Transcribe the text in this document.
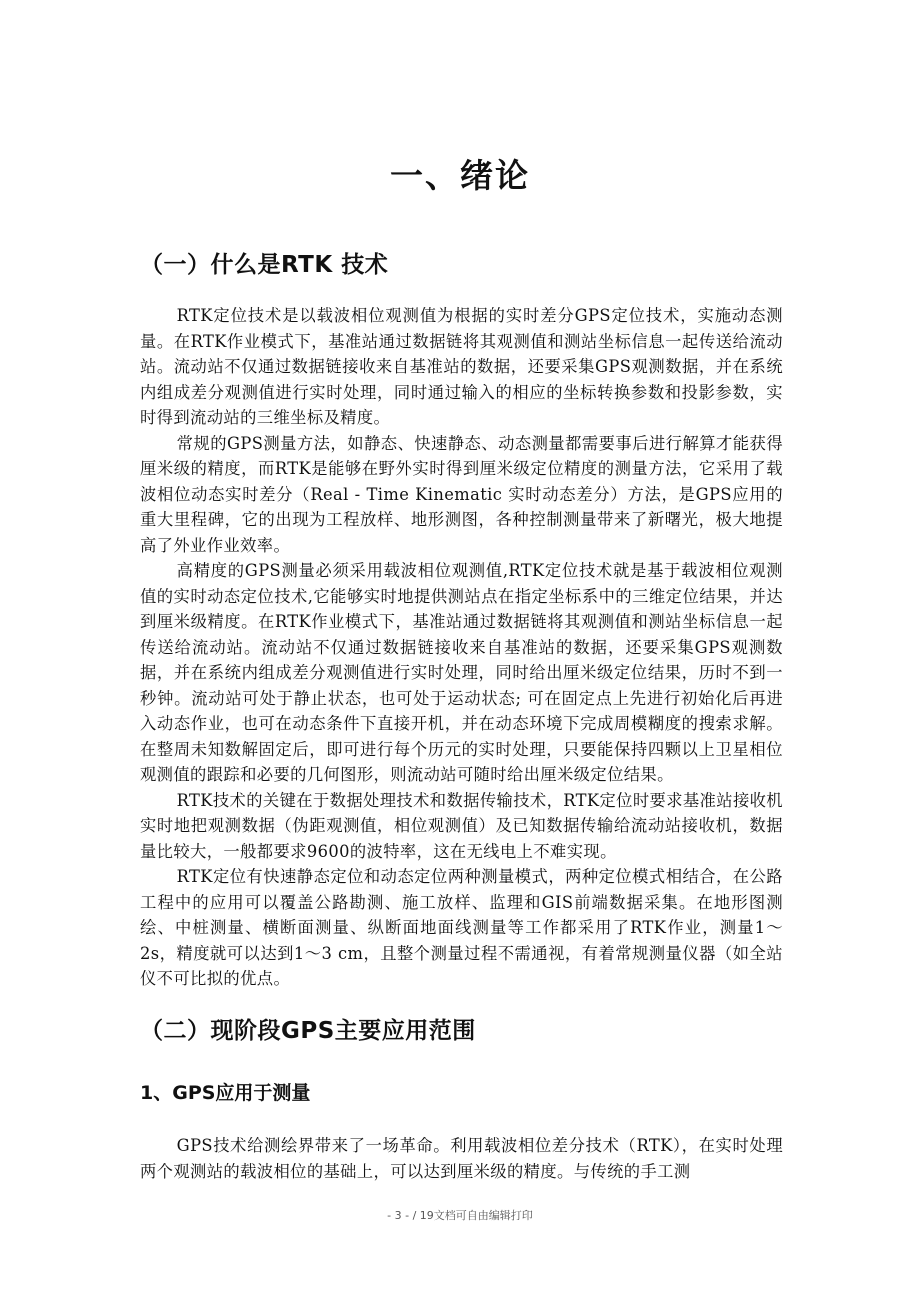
一、绪论
（一）什么是RTK 技术

RTK定位技术是以载波相位观测值为根据的实时差分GPS定位技术，实施动态测量。在RTK作业模式下，基准站通过数据链将其观测值和测站坐标信息一起传送给流动站。流动站不仅通过数据链接收来自基准站的数据，还要采集GPS观测数据，并在系统内组成差分观测值进行实时处理，同时通过输入的相应的坐标转换参数和投影参数，实时得到流动站的三维坐标及精度。

常规的GPS测量方法，如静态、快速静态、动态测量都需要事后进行解算才能获得厘米级的精度，而RTK是能够在野外实时得到厘米级定位精度的测量方法，它采用了载波相位动态实时差分（Real - Time Kinematic 实时动态差分）方法，是GPS应用的重大里程碑，它的出现为工程放样、地形测图，各种控制测量带来了新曙光，极大地提高了外业作业效率。

高精度的GPS测量必须采用载波相位观测值,RTK定位技术就是基于载波相位观测值的实时动态定位技术,它能够实时地提供测站点在指定坐标系中的三维定位结果，并达到厘米级精度。在RTK作业模式下，基准站通过数据链将其观测值和测站坐标信息一起传送给流动站。流动站不仅通过数据链接收来自基准站的数据，还要采集GPS观测数据，并在系统内组成差分观测值进行实时处理，同时给出厘米级定位结果，历时不到一秒钟。流动站可处于静止状态，也可处于运动状态; 可在固定点上先进行初始化后再进入动态作业，也可在动态条件下直接开机，并在动态环境下完成周模糊度的搜索求解。在整周未知数解固定后，即可进行每个历元的实时处理，只要能保持四颗以上卫星相位观测值的跟踪和必要的几何图形，则流动站可随时给出厘米级定位结果。

RTK技术的关键在于数据处理技术和数据传输技术，RTK定位时要求基准站接收机实时地把观测数据（伪距观测值，相位观测值）及已知数据传输给流动站接收机，数据量比较大，一般都要求9600的波特率，这在无线电上不难实现。

RTK定位有快速静态定位和动态定位两种测量模式，两种定位模式相结合，在公路工程中的应用可以覆盖公路勘测、施工放样、监理和GIS前端数据采集。在地形图测绘、中桩测量、横断面测量、纵断面地面线测量等工作都采用了RTK作业，测量1～2s，精度就可以达到1～3 cm，且整个测量过程不需通视，有着常规测量仪器（如全站仪不可比拟的优点。

（二）现阶段GPS主要应用范围
1、GPS应用于测量

GPS技术给测绘界带来了一场革命。利用载波相位差分技术（RTK），在实时处理两个观测站的载波相位的基础上，可以达到厘米级的精度。与传统的手工测

- 3 - / 19文档可自由编辑打印
